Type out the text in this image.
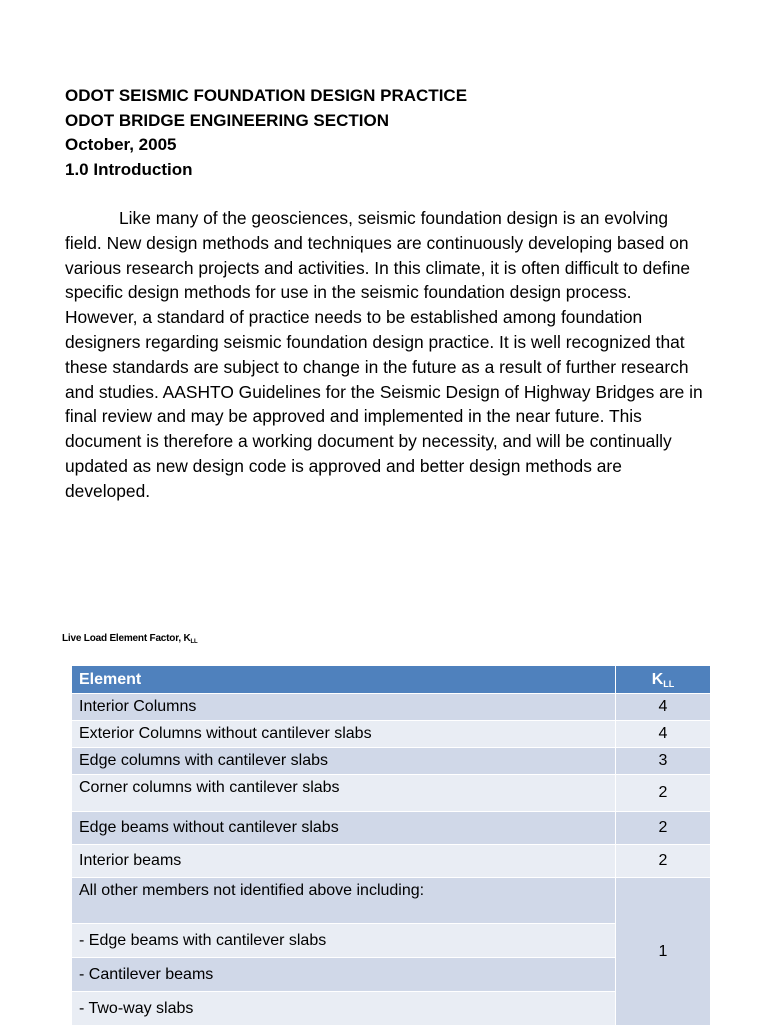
ODOT SEISMIC FOUNDATION DESIGN PRACTICE
ODOT BRIDGE ENGINEERING SECTION
October, 2005
1.0 Introduction

Like many of the geosciences, seismic foundation design is an evolving field. New design methods and techniques are continuously developing based on various research projects and activities. In this climate, it is often difficult to define specific design methods for use in the seismic foundation design process. However, a standard of practice needs to be established among foundation designers regarding seismic foundation design practice. It is well recognized that these standards are subject to change in the future as a result of further research and studies. AASHTO Guidelines for the Seismic Design of Highway Bridges are in final review and may be approved and implemented in the near future. This document is therefore a working document by necessity, and will be continually updated as new design code is approved and better design methods are developed.

Live Load Element Factor, $K_{LL}$
Element	$K_{LL}$
Interior Columns	4
Exterior Columns without cantilever slabs	4
Edge columns with cantilever slabs	3
Corner columns with cantilever slabs	2
Edge beams without cantilever slabs	2
Interior beams	2
All other members not identified above including:	1
- Edge beams with cantilever slabs	
- Cantilever beams	
- Two-way slabs	
